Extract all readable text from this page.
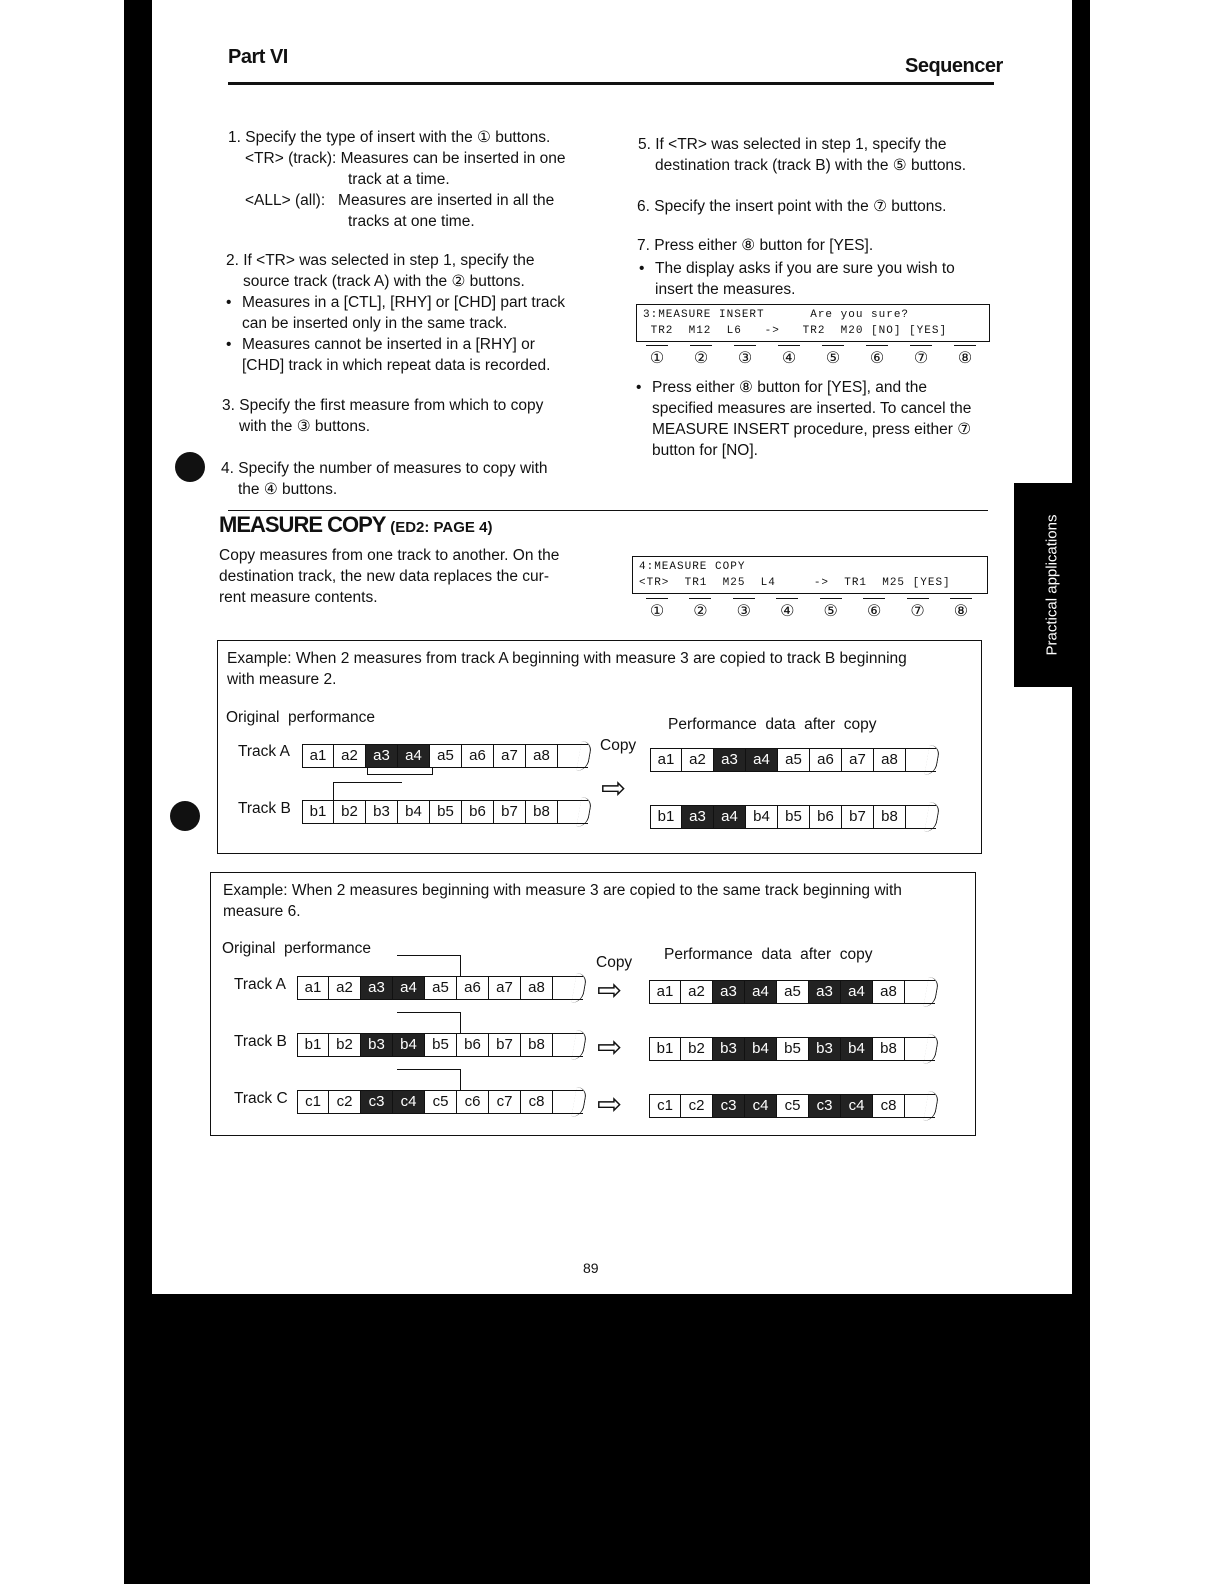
Part VI	Sequencer
1. Specify the type of insert with the ① buttons.
<TR> (track): Measures can be inserted in one
track at a time.
<ALL> (all):   Measures are inserted in all the
tracks at one time.
2. If <TR> was selected in step 1, specify the
source track (track A) with the ② buttons.
• Measures in a [CTL], [RHY] or [CHD] part track
can be inserted only in the same track.
• Measures cannot be inserted in a [RHY] or
[CHD] track in which repeat data is recorded.
3. Specify the first measure from which to copy
with the ③ buttons.
4. Specify the number of measures to copy with
the ④ buttons.
5. If <TR> was selected in step 1, specify the
destination track (track B) with the ⑤ buttons.
6. Specify the insert point with the ⑦ buttons.
7. Press either ⑧ button for [YES].
• The display asks if you are sure you wish to
insert the measures.
3:MEASURE INSERT      Are you sure?
TR2  M12  L6   ->   TR2  M20 [NO] [YES]
① ② ③ ④ ⑤ ⑥ ⑦ ⑧
• Press either ⑧ button for [YES], and the
specified measures are inserted. To cancel the
MEASURE INSERT procedure, press either ⑦
button for [NO].
MEASURE COPY (ED2: PAGE 4)
Copy measures from one track to another. On the
destination track, the new data replaces the cur-
rent measure contents.
4:MEASURE COPY
<TR>  TR1  M25  L4     ->  TR1  M25 [YES]
① ② ③ ④ ⑤ ⑥ ⑦ ⑧	Practical applications
Example: When 2 measures from track A beginning with measure 3 are copied to track B beginning
with measure 2.
Original  performance	Performance  data  after  copy
Copy
Track A
Track B
a1 a2	a3	a4	a5	a6	a7	a8
b1 b2	b3	b4	b5	b6	b7	b8
⇨
a1 a2	a3	a4	a5	a6	a7	a8
b1 a3	a4	b4	b5	b6	b7	b8
Example: When 2 measures beginning with measure 3 are copied to the same track beginning with
measure 6.
Original  performance	Performance  data  after  copy
Copy
Track A
Track B
Track C
a1 a2	a3	a4	a5	a6	a7	a8
b1 b2	b3	b4	b5	b6	b7	b8
c1	c2	c3	c4	c5	c6	c7	c8
⇨
⇨
⇨
a1 a2	a3	a4	a5	a3	a4	a8
b1 b2	b3	b4	b5	b3	b4	b8
c1	c2	c3	c4	c5	c3	c4	c8
89
